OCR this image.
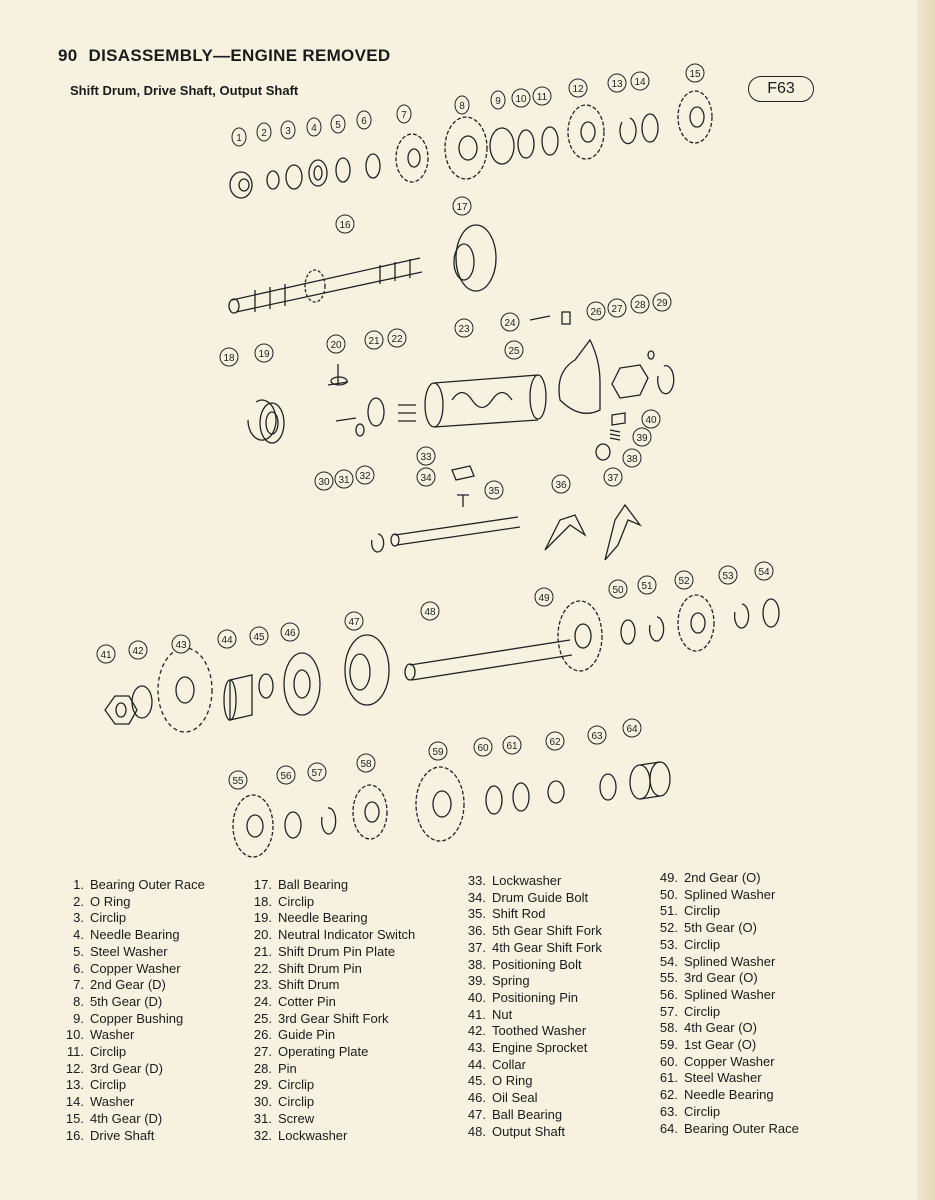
90 DISASSEMBLY—ENGINE REMOVED
Shift Drum, Drive Shaft, Output Shaft	F63
1 2 3 4 5 6
7
8	9 10 11
12	13 14
15
16
17
18 19
20	21 22
23
24
25
26 27 28 29
30 31 32
33
34
35
36
37
38
39
40
41 42
43	44 45 46
47
48
49
50 51	52	53 54
55	56 57
58
59	60 61	62
63
64
1. Bearing Outer Race
2. O Ring
3. Circlip
4. Needle Bearing
5. Steel Washer
6. Copper Washer
7. 2nd Gear (D)
8. 5th Gear (D)
9. Copper Bushing
10. Washer
11. Circlip
12. 3rd Gear (D)
13. Circlip
14. Washer
15. 4th Gear (D)
16. Drive Shaft
17. Ball Bearing
18. Circlip
19. Needle Bearing
20. Neutral Indicator Switch
21. Shift Drum Pin Plate
22. Shift Drum Pin
23. Shift Drum
24. Cotter Pin
25. 3rd Gear Shift Fork
26. Guide Pin
27. Operating Plate
28. Pin
29. Circlip
30. Circlip
31. Screw
32. Lockwasher
33. Lockwasher
34. Drum Guide Bolt
35. Shift Rod
36. 5th Gear Shift Fork
37. 4th Gear Shift Fork
38. Positioning Bolt
39. Spring
40. Positioning Pin
41. Nut
42. Toothed Washer
43. Engine Sprocket
44. Collar
45. O Ring
46. Oil Seal
47. Ball Bearing
48. Output Shaft
49. 2nd Gear (O)
50. Splined Washer
51. Circlip
52. 5th Gear (O)
53. Circlip
54. Splined Washer
55. 3rd Gear (O)
56. Splined Washer
57. Circlip
58. 4th Gear (O)
59. 1st Gear (O)
60. Copper Washer
61. Steel Washer
62. Needle Bearing
63. Circlip
64. Bearing Outer Race
